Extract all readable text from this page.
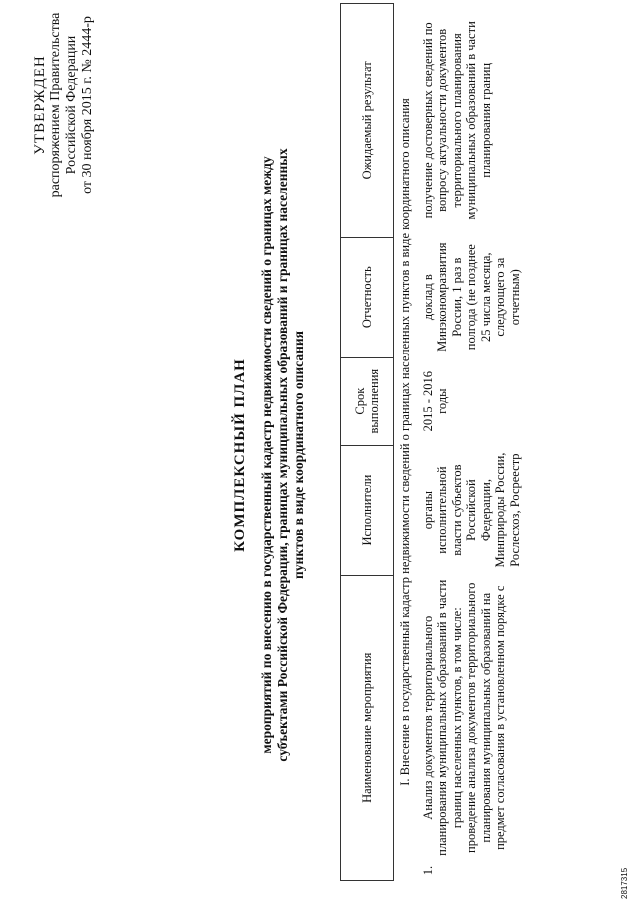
УТВЕРЖДЕН распоряжением Правительства Российской Федерации от 30 ноября 2015 г. № 2444-р
КОМПЛЕКСНЫЙ ПЛАН мероприятий по внесению в государственный кадастр недвижимости сведений о границах между субъектами Российской Федерации, границах муниципальных образований и границах населенных пунктов в виде координатного описания
Наименование мероприятия		Исполнители	Срок выполнения	Отчетность	Ожидаемый результат
I. Внесение в государственный кадастр недвижимости сведений о границах населенных пунктов в виде координатного описания					
1.	Анализ документов территориального планирования муниципальных образований в части границ населенных пунктов, в том числе: проведение анализа документов территориального планирования муниципальных образований на предмет согласования в установленном порядке с	органы исполнительной власти субъектов Российской Федерации, Минприроды России, Рослесхоз, Росреестр	2015 - 2016 годы	доклад в Минэкономразвития России, 1 раз в полгода (не позднее 25 числа месяца, следующего за отчетным)	получение достоверных сведений по вопросу актуальности документов территориального планирования муниципальных образований в части планирования границ
2817315
